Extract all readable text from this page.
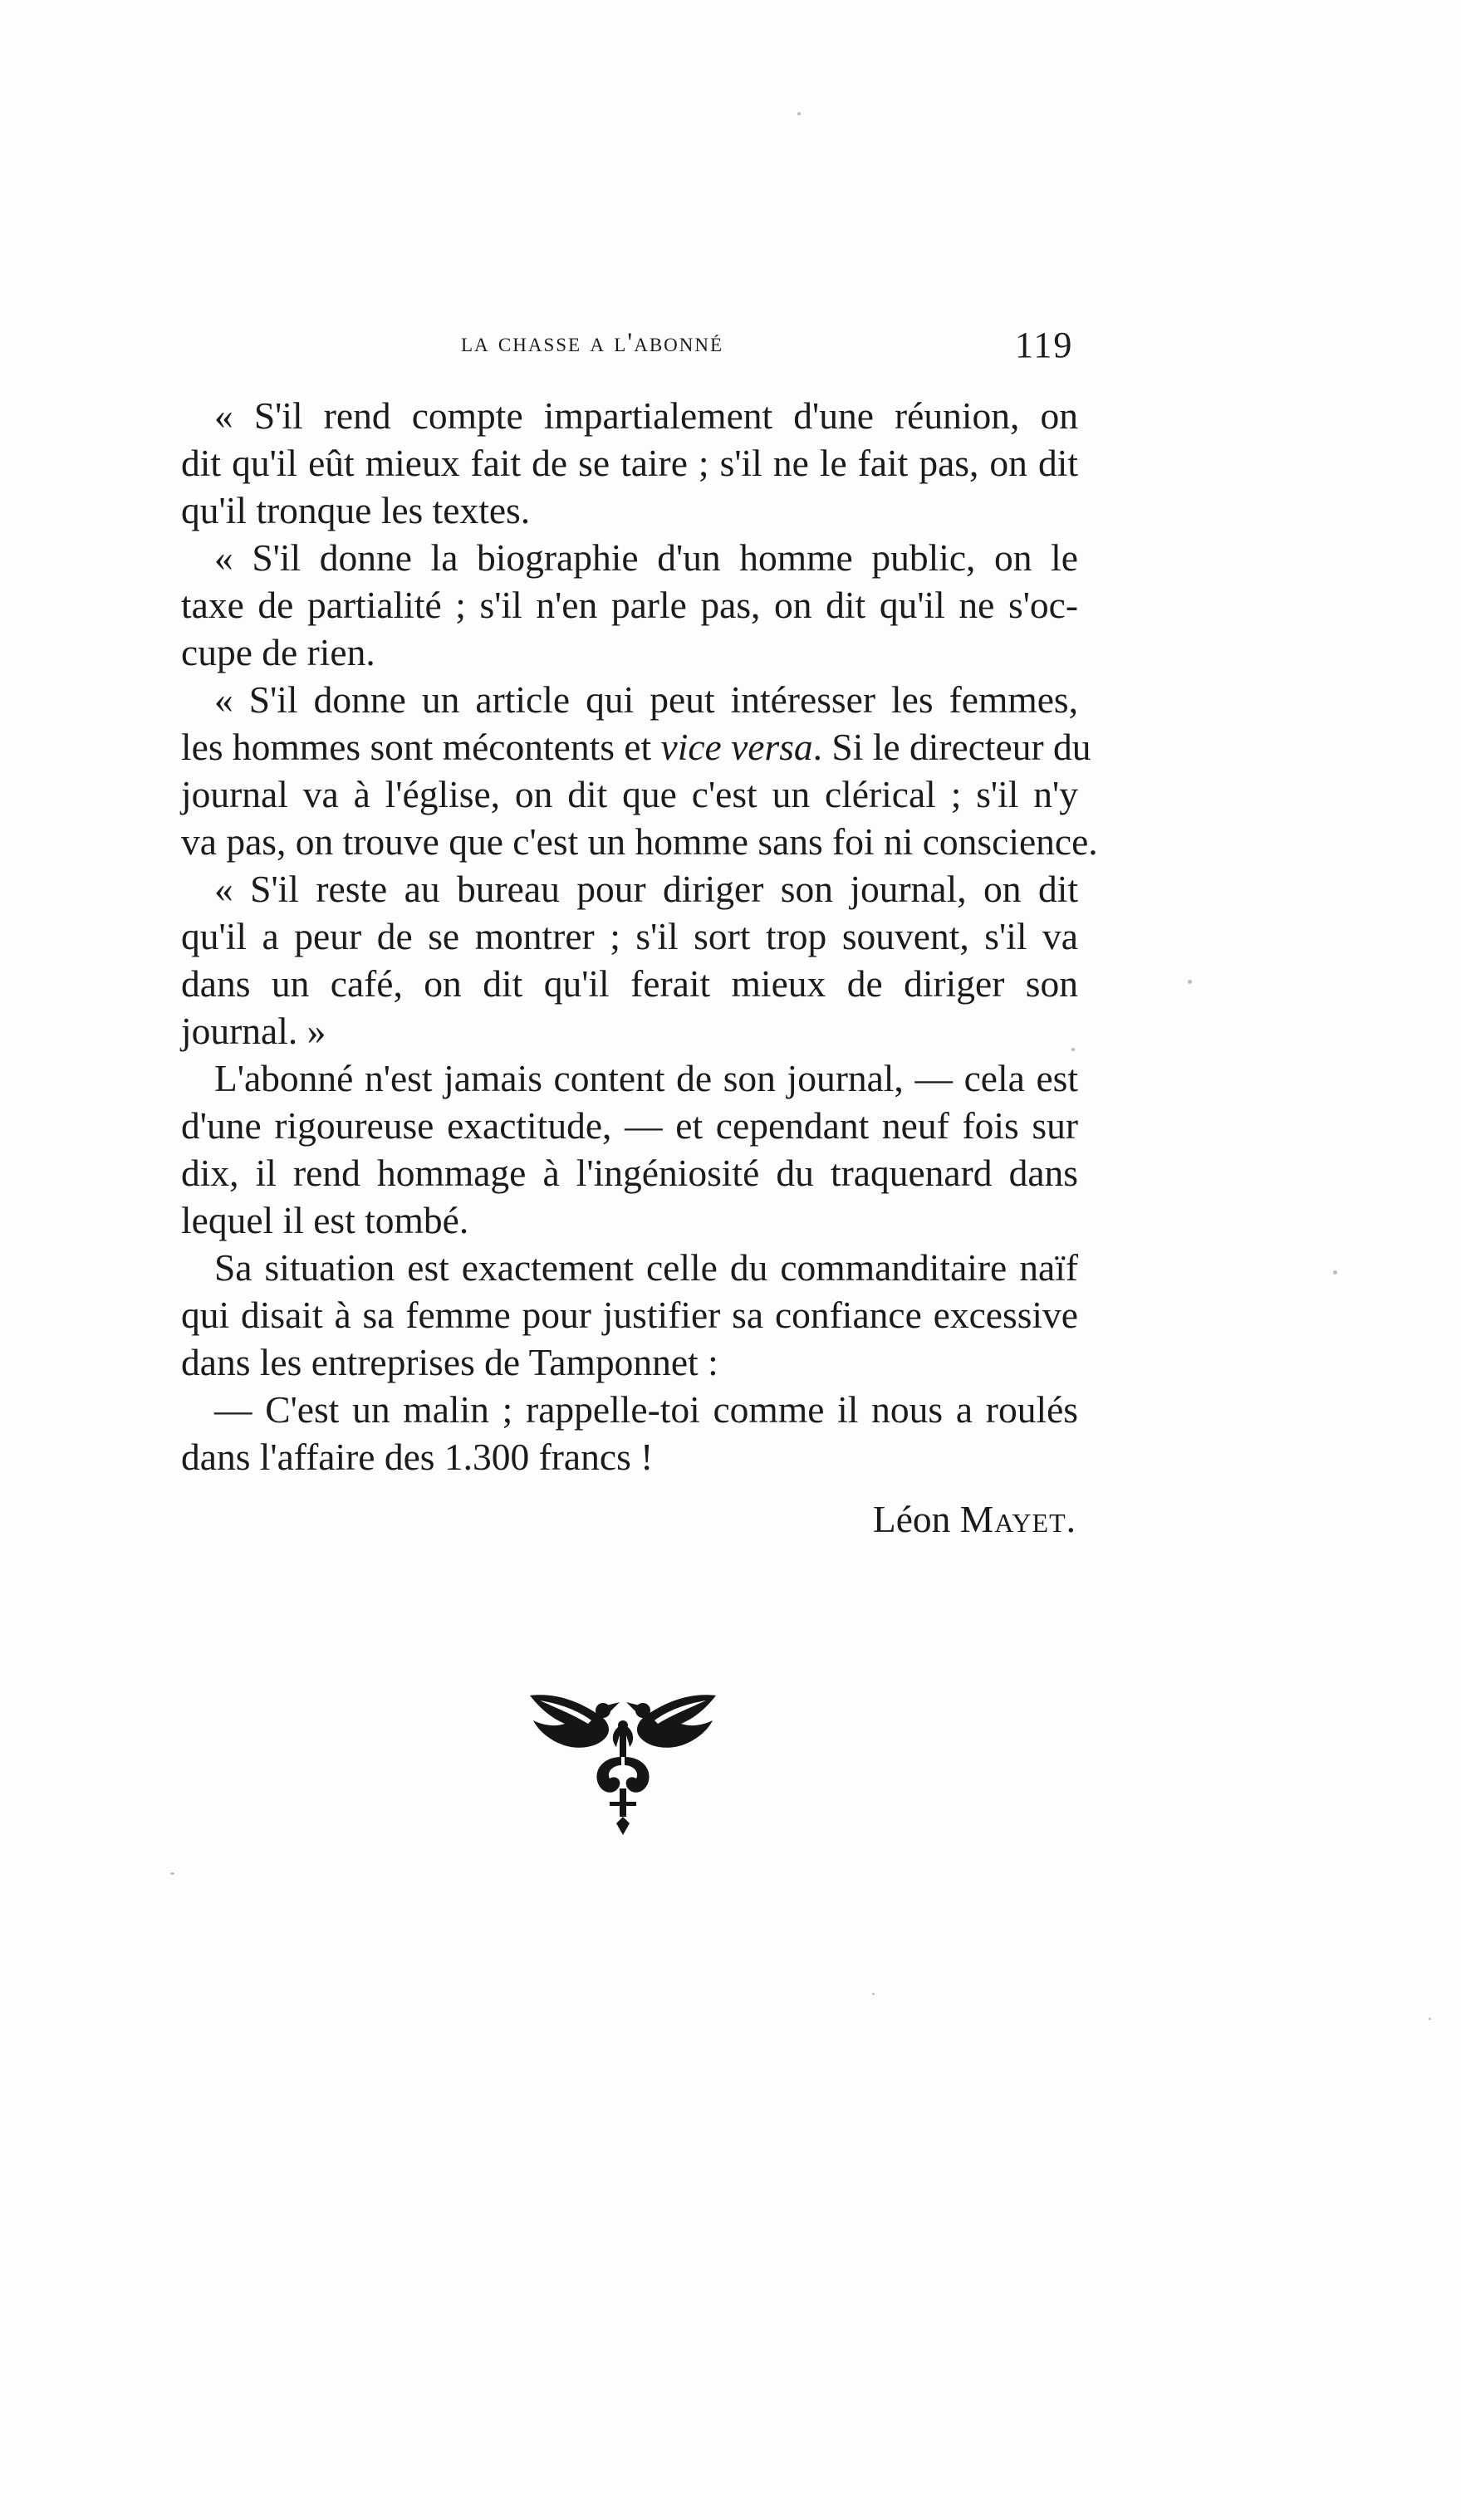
la chasse a l'abonné	119
« S'il rend compte impartialement d'une réunion, on
dit qu'il eût mieux fait de se taire ; s'il ne le fait pas, on dit
qu'il tronque les textes.
« S'il donne la biographie d'un homme public, on le
taxe de partialité ; s'il n'en parle pas, on dit qu'il ne s'oc-
cupe de rien.
« S'il donne un article qui peut intéresser les femmes,
les hommes sont mécontents et vice versa. Si le directeur du
journal va à l'église, on dit que c'est un clérical ; s'il n'y
va pas, on trouve que c'est un homme sans foi ni conscience.
« S'il reste au bureau pour diriger son journal, on dit
qu'il a peur de se montrer ; s'il sort trop souvent, s'il va
dans un café, on dit qu'il ferait mieux de diriger son
journal. »
L'abonné n'est jamais content de son journal, — cela est
d'une rigoureuse exactitude, — et cependant neuf fois sur
dix, il rend hommage à l'ingéniosité du traquenard dans
lequel il est tombé.
Sa situation est exactement celle du commanditaire naïf
qui disait à sa femme pour justifier sa confiance excessive
dans les entreprises de Tamponnet :
— C'est un malin ; rappelle-toi comme il nous a roulés
dans l'affaire des 1.300 francs !
Léon Mayet.
